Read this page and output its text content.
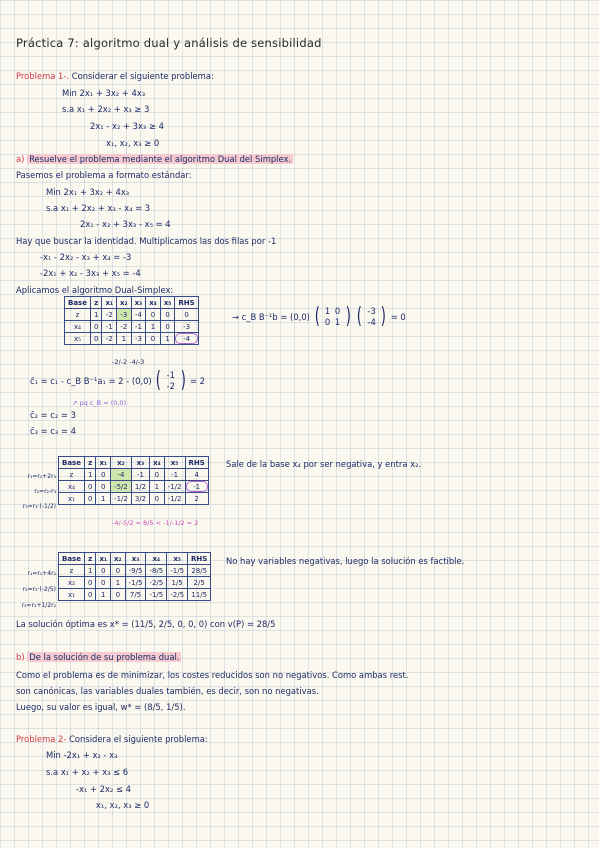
Práctica 7: algoritmo dual y análisis de sensibilidad
Problema 1-. Considerar el siguiente problema:
Min 2x₁ + 3x₂ + 4x₃
s.a x₁ + 2x₂ + x₃ ≥ 3
2x₁ - x₂ + 3x₃ ≥ 4
x₁, x₂, x₃ ≥ 0
a) Resuelve el problema mediante el algoritmo Dual del Simplex.
Pasemos el problema a formato estándar:
Min 2x₁ + 3x₂ + 4x₃
s.a x₁ + 2x₂ + x₃ - x₄ = 3
2x₁ - x₂ + 3x₃ - x₅ = 4
Hay que buscar la identidad. Multiplicamos las dos filas por -1
-x₁ - 2x₂ - x₃ + x₄ = -3
-2x₁ + x₂ - 3x₃ + x₅ = -4
Aplicamos el algoritmo Dual-Simplex:
Base	z	x₁	x₂	x₃	x₄	x₅	RHS
z	1	-2	-3	-4	0	0	0
x₄	0	-1	-2	-1	1	0	-3
x₅	0	-2	1	-3	0	1	-4
-2/-2 -4/-3
→ c_B B⁻¹b = (0,0) ( 1
0 0
1 ) ( -3
-4 ) = 0
c̄₁ = c₁ - c_B B⁻¹a₁ = 2 - (0,0) ( -1
-2 ) = 2
↗ pq c_B = (0,0)
c̄₂ = c₂ = 3
c̄₃ = c₃ = 4
r₁=r₁+2r₃
r₂=r₂-r₃
r₃=r₃·(-1/2)
Base	z	x₁	x₂	x₃	x₄	x₅	RHS
z	1	0	-4	-1	0	-1	4
x₄	0	0	-5/2	1/2	1	-1/2	-1
x₁	0	1	-1/2	3/2	0	-1/2	2
-4/-5/2 = 8/5 < -1/-1/2 = 2
Sale de la base x₄ por ser negativa, y entra x₂.
r₁=r₁+4r₂
r₂=r₂·(-2/5)
r₃=r₃+1/2r₂
Base	z	x₁	x₂	x₃	x₄	x₅	RHS
z	1	0	0	-9/5	-8/5	-1/5	28/5
x₂	0	0	1	-1/5	-2/5	1/5	2/5
x₁	0	1	0	7/5	-1/5	-2/5	11/5
No hay variables negativas, luego la solución es factible.
La solución óptima es x* = (11/5, 2/5, 0, 0, 0) con v(P) = 28/5
b) De la solución de su problema dual.
Como el problema es de minimizar, los costes reducidos son no negativos. Como ambas rest.
son canónicas, las variables duales también, es decir, son no negativas.
Luego, su valor es igual, w* = (8/5, 1/5).
Problema 2- Considera el siguiente problema:
Min -2x₁ + x₂ - x₃
s.a x₁ + x₂ + x₃ ≤ 6
-x₁ + 2x₂ ≤ 4
x₁, x₂, x₃ ≥ 0
